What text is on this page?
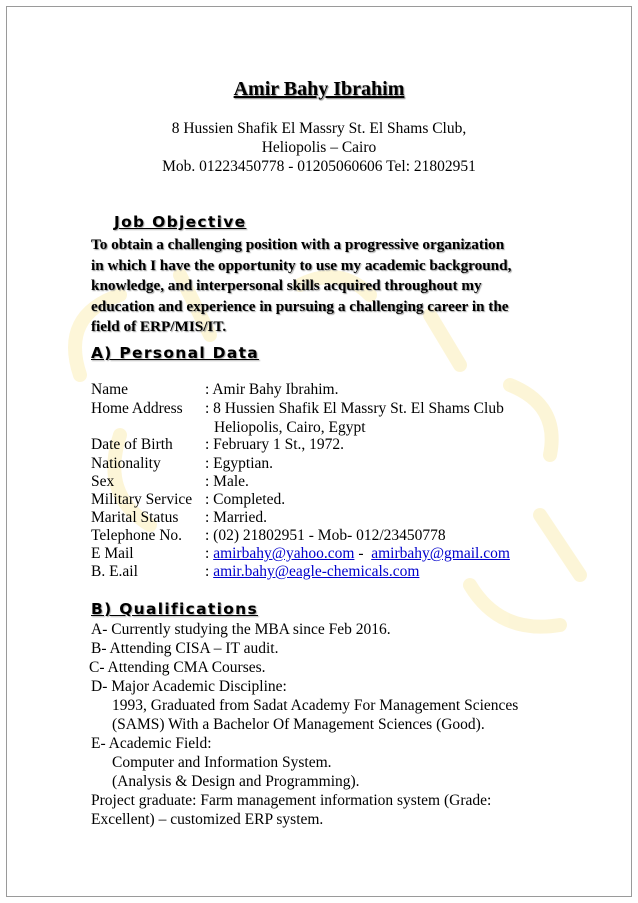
Amir Bahy Ibrahim
8 Hussien Shafik El Massry St. El Shams Club,
Heliopolis – Cairo
Mob. 01223450778 - 01205060606 Tel: 21802951
Job Objective
To obtain a challenging position with a progressive organization
in which I have the opportunity to use my academic background,
knowledge, and interpersonal skills acquired throughout my
education and experience in pursuing a challenging career in the
field of ERP/MIS/IT.
A) Personal Data
Name	: Amir Bahy Ibrahim.
Home Address : 8 Hussien Shafik El Massry St. El Shams Club
Heliopolis, Cairo, Egypt
Date of Birth : February 1 St., 1972.
Nationality	: Egyptian.
Sex	: Male.
Military Service : Completed.
Marital Status : Married.
Telephone No. : (02) 21802951 - Mob- 012/23450778
E Mail	: amirbahy@yahoo.com -  amirbahy@gmail.com
B. E.ail	: amir.bahy@eagle-chemicals.com
B) Qualifications
A- Currently studying the MBA since Feb 2016.
B- Attending CISA – IT audit.
C- Attending CMA Courses.
D- Major Academic Discipline:
1993, Graduated from Sadat Academy For Management Sciences
(SAMS) With a Bachelor Of Management Sciences (Good).
E- Academic Field:
Computer and Information System.
(Analysis & Design and Programming).
Project graduate: Farm management information system (Grade:
Excellent) – customized ERP system.
